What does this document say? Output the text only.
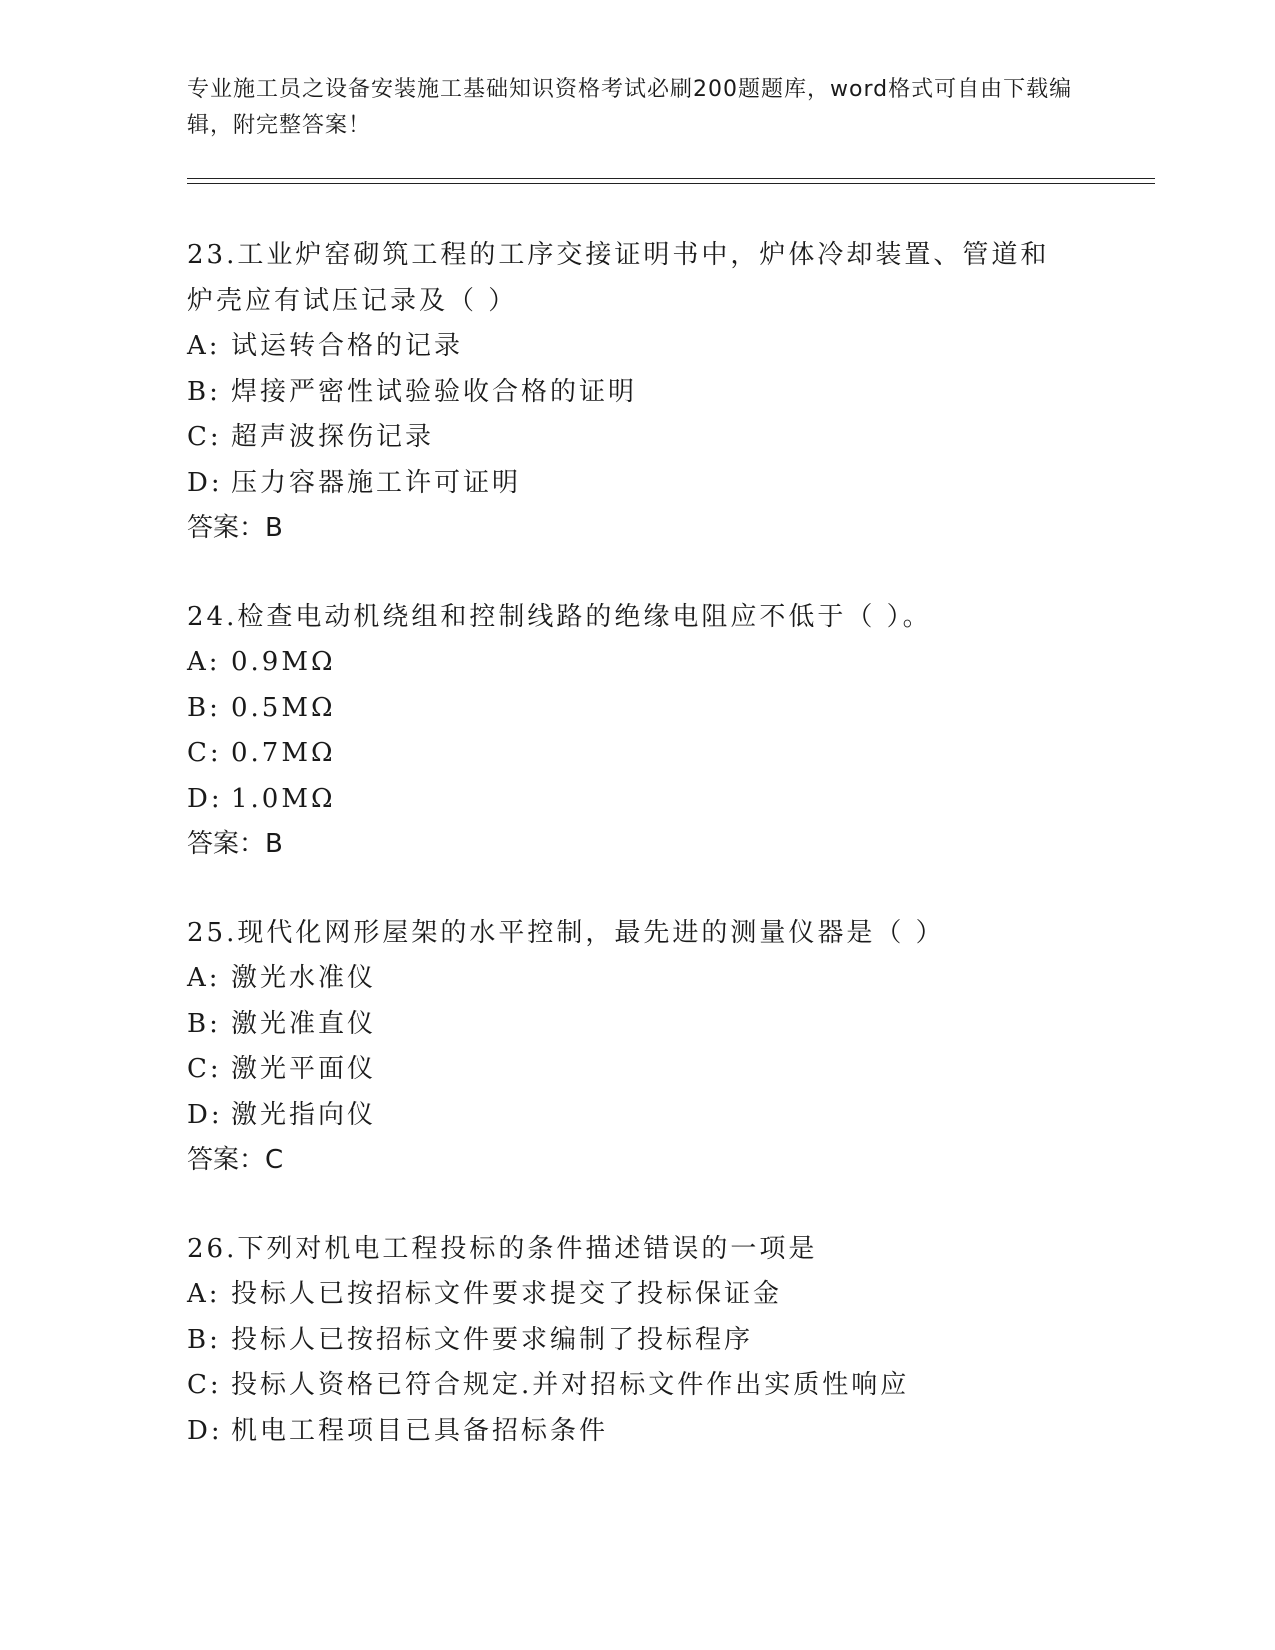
专业施工员之设备安装施工基础知识资格考试必刷200题题库，word格式可自由下载编辑，附完整答案！

23.工业炉窑砌筑工程的工序交接证明书中，炉体冷却装置、管道和炉壳应有试压记录及（ ）

A: 试运转合格的记录

B: 焊接严密性试验验收合格的证明

C: 超声波探伤记录

D: 压力容器施工许可证明

答案：B

24.检查电动机绕组和控制线路的绝缘电阻应不低于（ ）。

A: 0.9MΩ

B: 0.5MΩ

C: 0.7MΩ

D: 1.0MΩ

答案：B

25.现代化网形屋架的水平控制，最先进的测量仪器是（ ）

A: 激光水准仪

B: 激光准直仪

C: 激光平面仪

D: 激光指向仪

答案：C

26.下列对机电工程投标的条件描述错误的一项是

A: 投标人已按招标文件要求提交了投标保证金

B: 投标人已按招标文件要求编制了投标程序

C: 投标人资格已符合规定.并对招标文件作出实质性响应

D: 机电工程项目已具备招标条件
